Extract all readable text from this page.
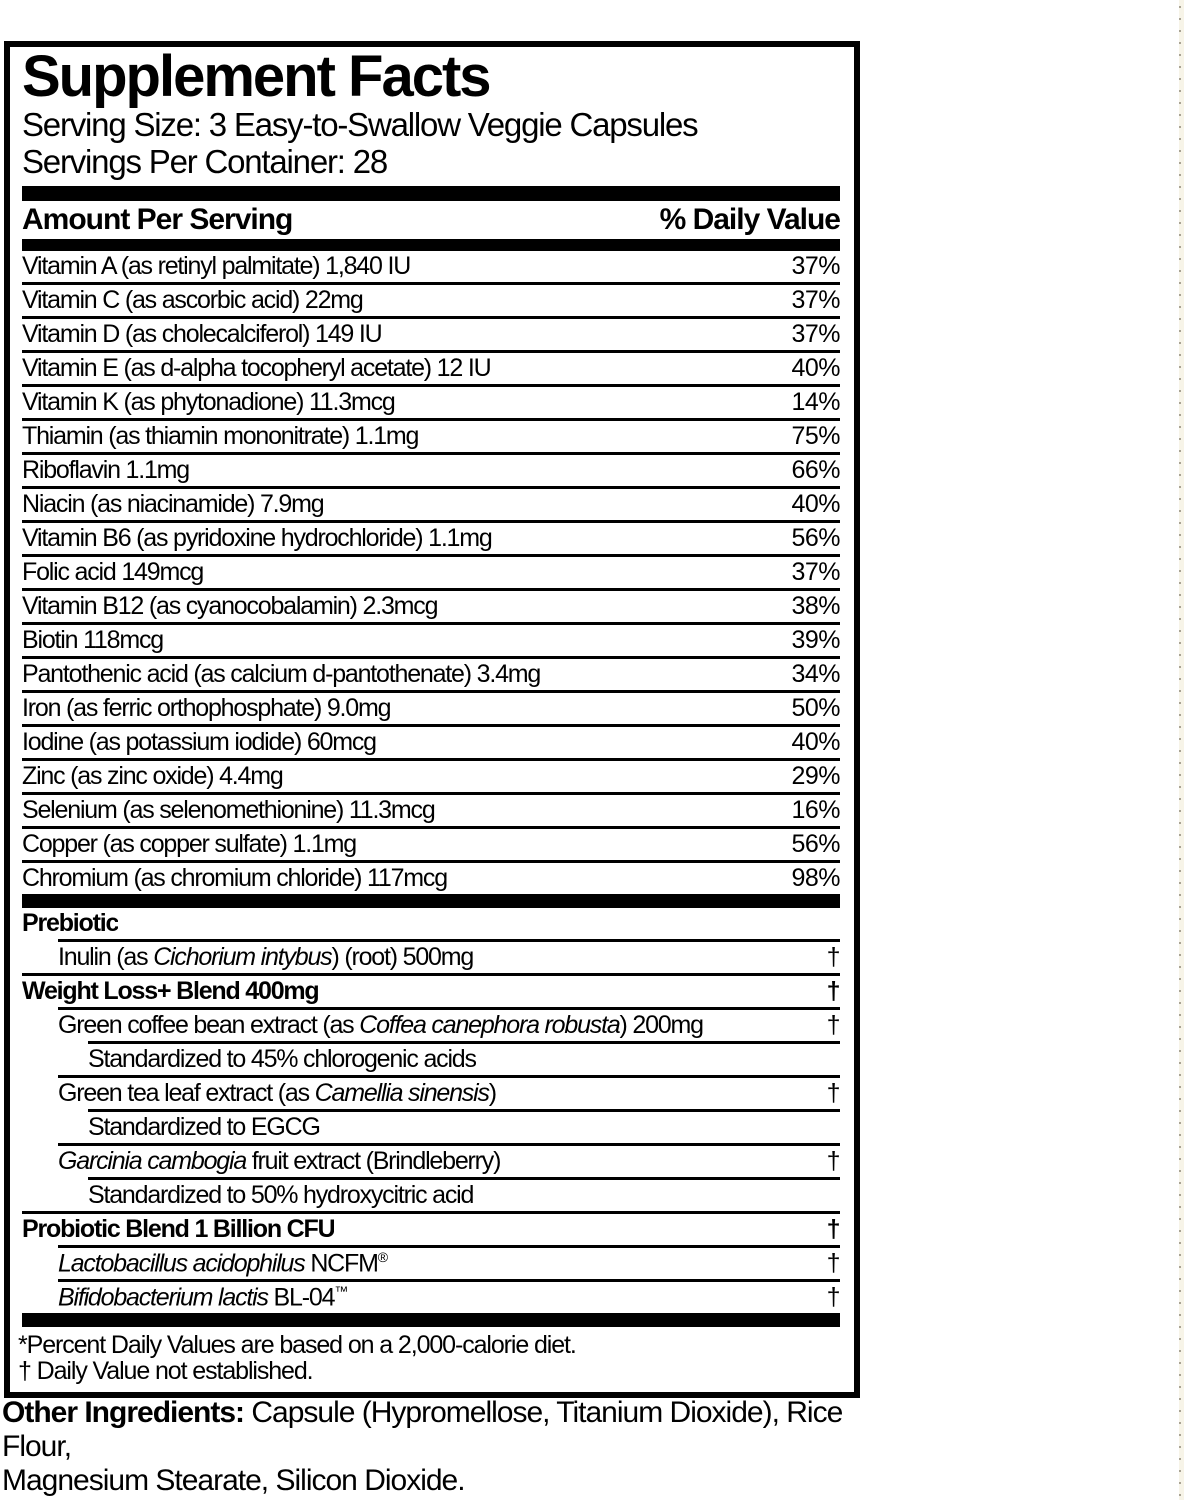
Supplement Facts
Serving Size: 3 Easy-to-Swallow Veggie Capsules
Servings Per Container: 28
Amount Per Serving	% Daily Value
Vitamin A (as retinyl palmitate) 1,840 IU	37%
Vitamin C (as ascorbic acid) 22mg	37%
Vitamin D (as cholecalciferol) 149 IU	37%
Vitamin E (as d-alpha tocopheryl acetate) 12 IU	40%
Vitamin K (as phytonadione) 11.3mcg	14%
Thiamin (as thiamin mononitrate) 1.1mg	75%
Riboflavin 1.1mg	66%
Niacin (as niacinamide) 7.9mg	40%
Vitamin B6 (as pyridoxine hydrochloride) 1.1mg	56%
Folic acid 149mcg	37%
Vitamin B12 (as cyanocobalamin) 2.3mcg	38%
Biotin 118mcg	39%
Pantothenic acid (as calcium d-pantothenate) 3.4mg	34%
Iron (as ferric orthophosphate) 9.0mg	50%
Iodine (as potassium iodide) 60mcg	40%
Zinc (as zinc oxide) 4.4mg	29%
Selenium (as selenomethionine) 11.3mcg	16%
Copper (as copper sulfate) 1.1mg	56%
Chromium (as chromium chloride) 117mcg	98%
Prebiotic
Inulin (as Cichorium intybus) (root) 500mg	†
Weight Loss+ Blend 400mg	†
Green coffee bean extract (as Coffea canephora robusta) 200mg	†
Standardized to 45% chlorogenic acids
Green tea leaf extract (as Camellia sinensis)	†
Standardized to EGCG
Garcinia cambogia fruit extract (Brindleberry)	†
Standardized to 50% hydroxycitric acid
Probiotic Blend 1 Billion CFU	†
Lactobacillus acidophilus NCFM®	†
Bifidobacterium lactis BL-04™	†
*Percent Daily Values are based on a 2,000-calorie diet.
† Daily Value not established.
Other Ingredients: Capsule (Hypromellose, Titanium Dioxide), Rice Flour,
Magnesium Stearate, Silicon Dioxide.
